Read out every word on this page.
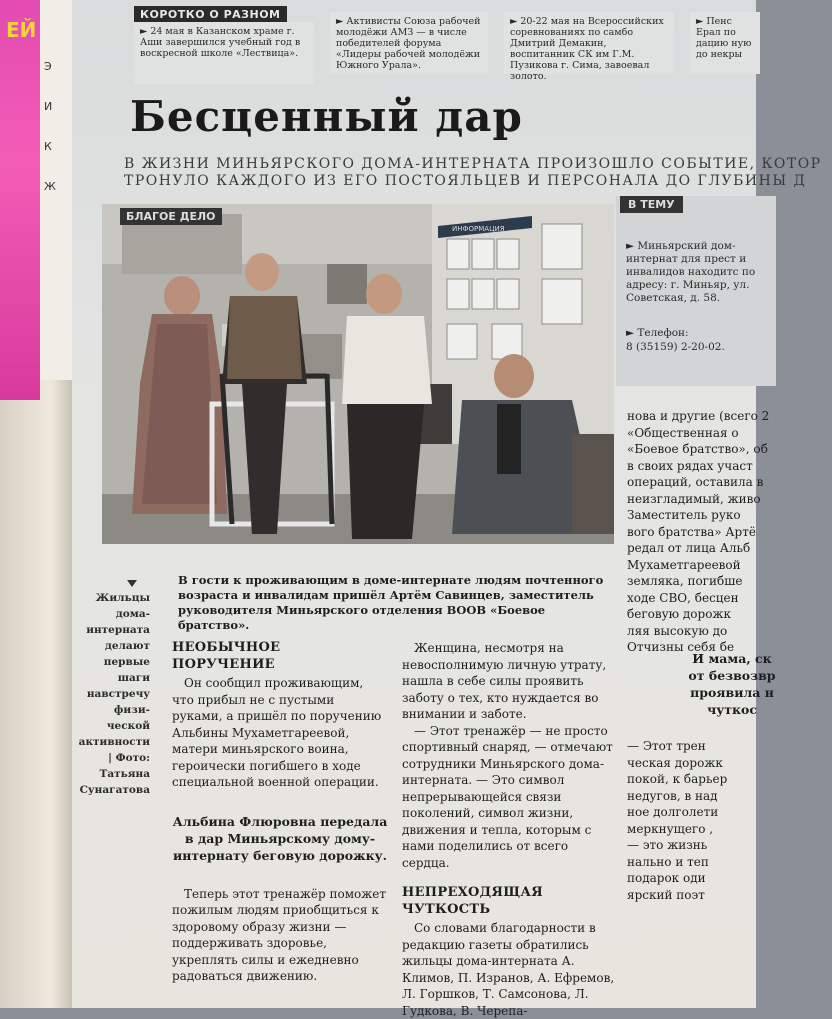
ЕЙ
Э
И
К
Ж
КОРОТКО О РАЗНОМ
► 24 мая в Казанском храме г. Аши завершился учебный год в воскресной школе «Лествица».
► Активисты Союза рабочей молодёжи АМЗ — в числе победителей форума «Лидеры рабочей молодёжи Южного Урала».
► 20-22 мая на Всероссийских соревнованиях по самбо Дмитрий Демакин, воспитанник СК им Г.М. Пузикова г. Сима, завоевал золото.
► Пенс Ерал по дацию ную до некры
Бесценный дар
В ЖИЗНИ МИНЬЯРСКОГО ДОМА-ИНТЕРНАТА ПРОИЗОШЛО СОБЫТИЕ, КОТОР
ТРОНУЛО КАЖДОГО ИЗ ЕГО ПОСТОЯЛЬЦЕВ И ПЕРСОНАЛА ДО ГЛУБИНЫ Д
ИНФОРМАЦИЯ
БЛАГОЕ ДЕЛО
В ТЕМУ
► Миньярский дом-интернат для прест и инвалидов находитс по адресу: г. Миньяр, ул. Советская, д. 58.
► Телефон:
8 (35159) 2-20-02.
Жильцы
дома-
интерната
делают
первые
шаги
навстречу
физи-
ческой
активности
| Фото:
Татьяна
Сунагатова
В гости к проживающим в доме-интернате людям почтенного возраста и инвалидам пришёл Артём Савинцев, заместитель руководителя Миньярского отделения ВООВ «Боевое братство».
НЕОБЫЧНОЕ ПОРУЧЕНИЕ

Он сообщил проживающим, что прибыл не с пустыми руками, а пришёл по поручению Альбины Мухаметгареевой, матери миньярского воина, героически погибшего в ходе специальной военной операции.

Альбина Флюровна передала в дар Миньярскому дому-интернату беговую дорожку.

Теперь этот тренажёр поможет пожилым людям приобщиться к здоровому образу жизни — поддерживать здоровье, укреплять силы и ежедневно радоваться движению.

Женщина, несмотря на невосполнимую личную утрату, нашла в себе силы проявить заботу о тех, кто нуждается во внимании и заботе.

— Этот тренажёр — не просто спортивный снаряд, — отмечают сотрудники Миньярского дома-интерната. — Это символ непрерывающейся связи поколений, символ жизни, движения и тепла, которым с нами поделились от всего сердца.

НЕПРЕХОДЯЩАЯ ЧУТКОСТЬ

Со словами благодарности в редакцию газеты обратились жильцы дома-интерната А. Климов, П. Изранов, А. Ефремов, Л. Горшков, Т. Самсонова, Л. Гудкова, В. Черепа-

нова и другие (всего 2

«Общественная о

«Боевое братство», об

в своих рядах участ

операций, оставила в

неизгладимый, живо

Заместитель руко

вого братства» Артё

редал от лица Альб

Мухаметгареевой

земляка, погибше

ходе СВО, бесцен

беговую дорожк

ляя высокую до

Отчизны себя бе

И мама, ск
от безвозвр
проявила н
чуткос

— Этот трен

ческая дорожк

покой, к барьер

недугов, в над

ное долголети

меркнущего ,

— это жизнь

нально и теп

подарок оди

ярский поэт
